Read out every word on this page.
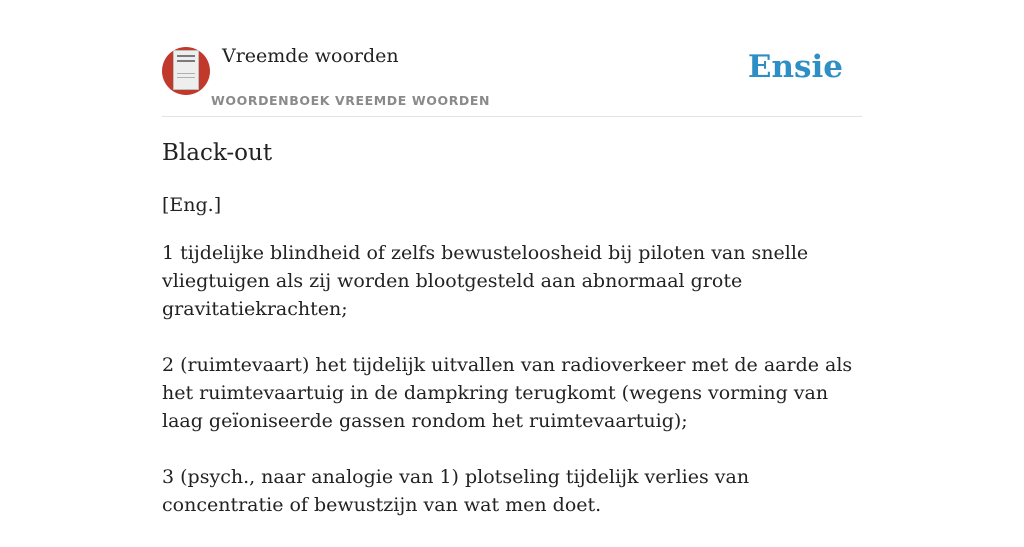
Vreemde woorden
WOORDENBOEK VREEMDE WOORDEN
Ensie
Black-out
[Eng.]

1 tijdelijke blindheid of zelfs bewusteloosheid bij piloten van snelle vliegtuigen als zij worden blootgesteld aan abnormaal grote gravitatiekrachten;

2 (ruimtevaart) het tijdelijk uitvallen van radioverkeer met de aarde als het ruimtevaartuig in de dampkring terugkomt (wegens vorming van laag geïoniseerde gassen rondom het ruimtevaartuig);

3 (psych., naar analogie van 1) plotseling tijdelijk verlies van concentratie of bewustzijn van wat men doet.
